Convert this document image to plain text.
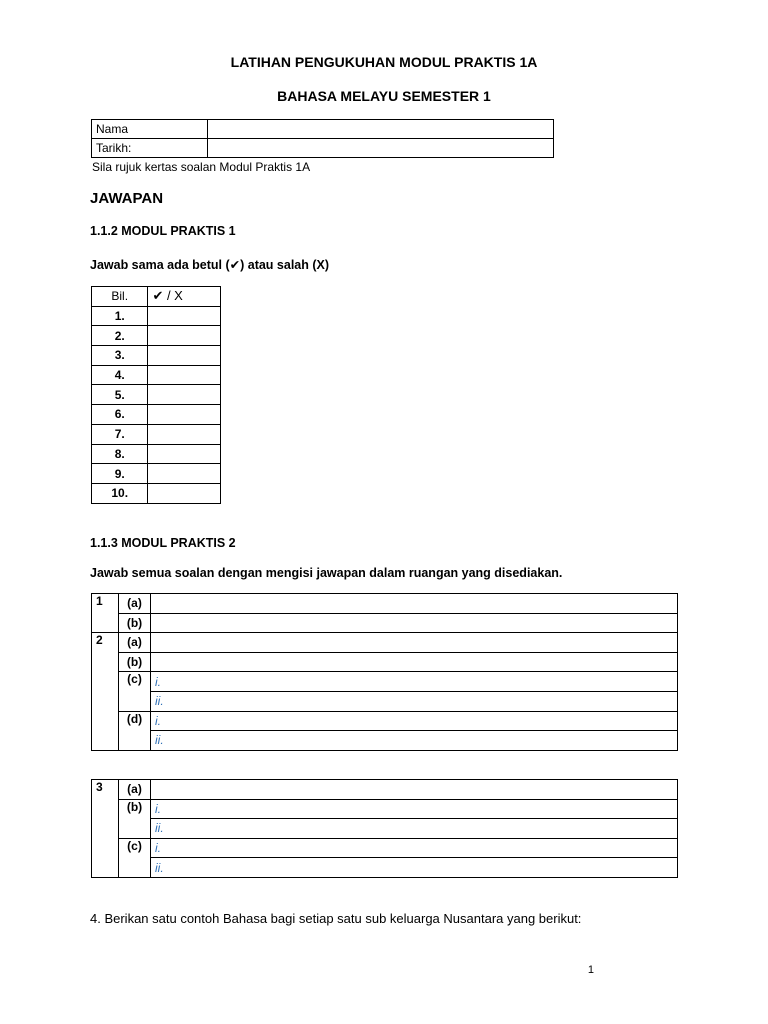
LATIHAN PENGUKUHAN MODUL PRAKTIS 1A
BAHASA MELAYU SEMESTER 1
Nama	
Tarikh:	
Sila rujuk kertas soalan Modul Praktis 1A
JAWAPAN
1.1.2 MODUL PRAKTIS 1
Jawab sama ada betul (✔) atau salah (X)
Bil.	✔ / X
1.	
2.	
3.	
4.	
5.	
6.	
7.	
8.	
9.	
10.	
1.1.3 MODUL PRAKTIS 2
Jawab semua soalan dengan mengisi jawapan dalam ruangan yang disediakan.
1	(a)	
	(b)	
2	(a)	
	(b)	
	(c)	i.
		ii.
	(d)	i.
		ii.
3	(a)	
	(b)	i.
		ii.
	(c)	i.
		ii.
4. Berikan satu contoh Bahasa bagi setiap satu sub keluarga Nusantara yang berikut:
1
